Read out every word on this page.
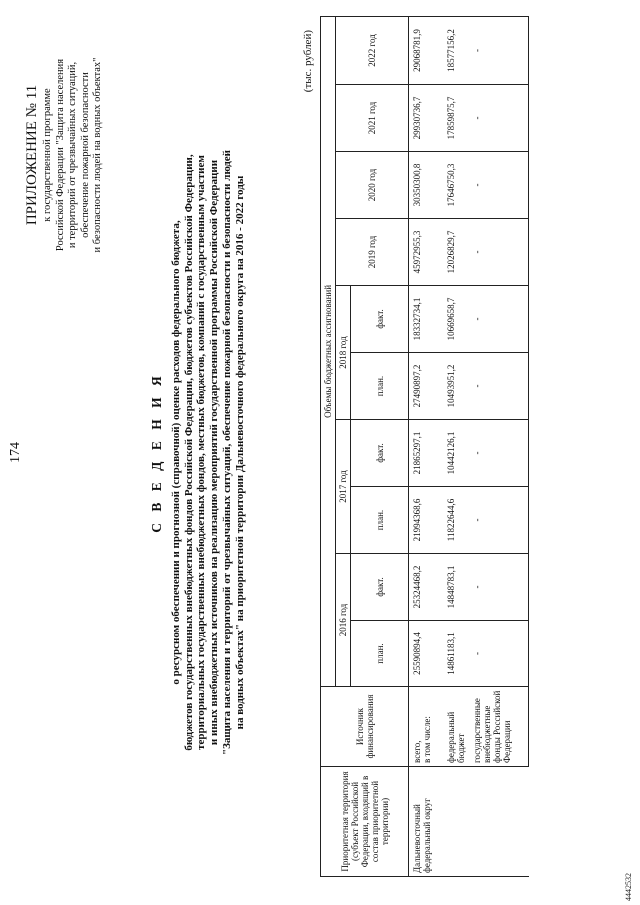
174
ПРИЛОЖЕНИЕ № 11 к государственной программе Российской Федерации "Защита населения и территорий от чрезвычайных ситуаций, обеспечение пожарной безопасности и безопасности людей на водных объектах"
С В Е Д Е Н И Я о ресурсном обеспечении и прогнозной (справочной) оценке расходов федерального бюджета, бюджетов государственных внебюджетных фондов Российской Федерации, бюджетов субъектов Российской Федерации, территориальных государственных внебюджетных фондов, местных бюджетов, компаний с государственным участием и иных внебюджетных источников на реализацию мероприятий государственной программы Российской Федерации "Защита населения и территорий от чрезвычайных ситуаций, обеспечение пожарной безопасности и безопасности людей на водных объектах" на приоритетной территории Дальневосточного федерального округа на 2016 - 2022 годы
(тыс. рублей)
Приоритетная территория (субъект Российской Федерации, входящий в состав приоритетной территории)	Источник финансирования	Объемы бюджетных ассигнований									
		2016 год		2017 год		2018 год		2019 год	2020 год	2021 год	2022 год
		план.	факт.	план.	факт.	план.	факт.				
Дальневосточный федеральный округ	всего, в том числе:	25590894,4	25324468,2	21994368,6	21865297,1	27490897,2	18332734,1	45972955,3	30350300,8	29930736,7	29068781,9
	федеральный бюджет	14861183,1	14848783,1	11822644,6	10442126,1	10493951,2	10669658,7	12026829,7	17646750,3	17859875,7	18577156,2
	государственные внебюджетные фонды Российской Федерации	-	-	-	-	-	-	-	-	-	-
4442532
